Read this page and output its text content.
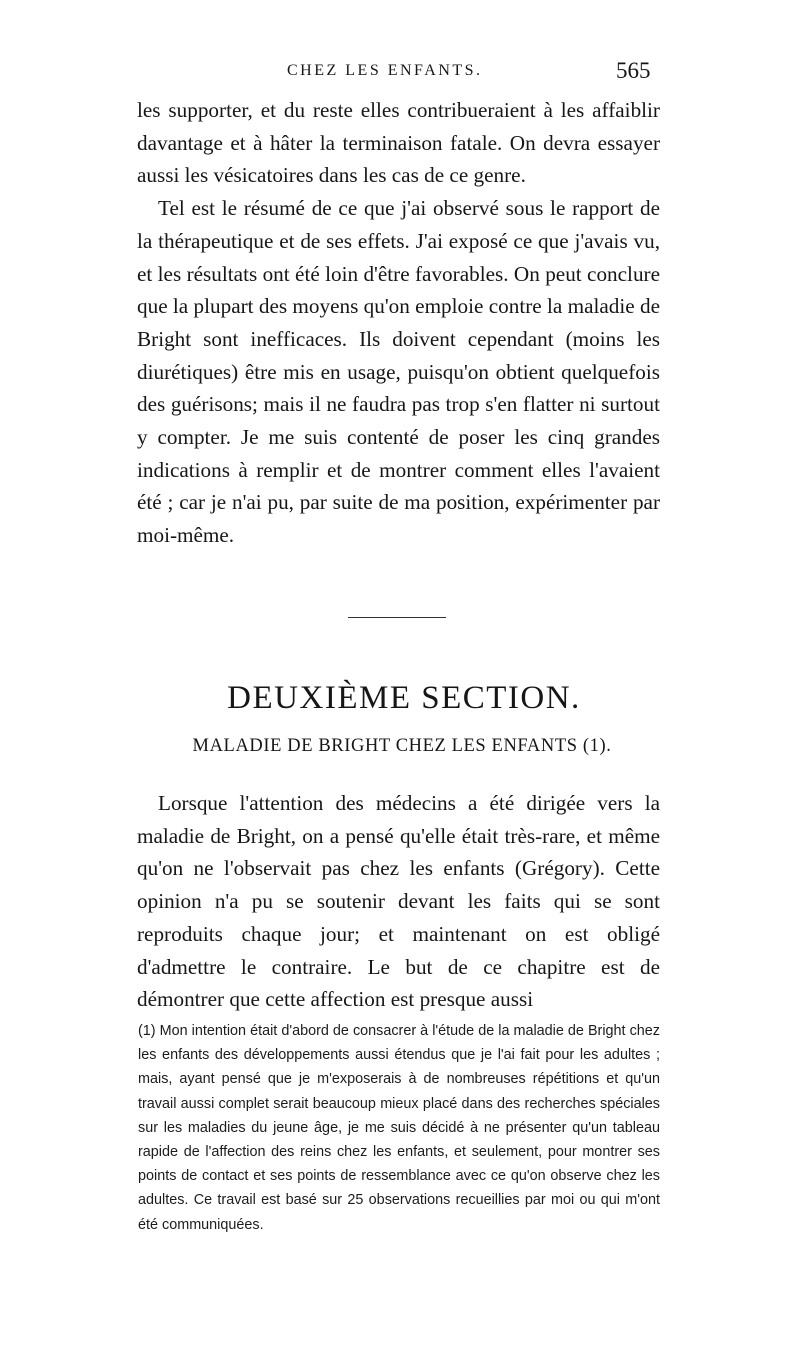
CHEZ LES ENFANTS.	565

les supporter, et du reste elles contribueraient à les affaiblir davantage et à hâter la terminaison fatale. On devra essayer aussi les vésicatoires dans les cas de ce genre.

Tel est le résumé de ce que j'ai observé sous le rapport de la thérapeutique et de ses effets. J'ai exposé ce que j'avais vu, et les résultats ont été loin d'être favorables. On peut conclure que la plupart des moyens qu'on emploie contre la maladie de Bright sont inefficaces. Ils doivent cependant (moins les diurétiques) être mis en usage, puisqu'on obtient quelquefois des guérisons; mais il ne faudra pas trop s'en flatter ni surtout y compter. Je me suis contenté de poser les cinq grandes indications à remplir et de montrer comment elles l'avaient été ; car je n'ai pu, par suite de ma position, expérimenter par moi-même.

DEUXIÈME SECTION.
MALADIE DE BRIGHT CHEZ LES ENFANTS (1).

Lorsque l'attention des médecins a été dirigée vers la maladie de Bright, on a pensé qu'elle était très-rare, et même qu'on ne l'observait pas chez les enfants (Grégory). Cette opinion n'a pu se soutenir devant les faits qui se sont reproduits chaque jour; et maintenant on est obligé d'admettre le contraire. Le but de ce chapitre est de démontrer que cette affection est presque aussi

(1) Mon intention était d'abord de consacrer à l'étude de la maladie de Bright chez les enfants des développements aussi étendus que je l'ai fait pour les adultes ; mais, ayant pensé que je m'exposerais à de nombreuses répétitions et qu'un travail aussi complet serait beaucoup mieux placé dans des recherches spéciales sur les maladies du jeune âge, je me suis décidé à ne présenter qu'un tableau rapide de l'affection des reins chez les enfants, et seulement, pour montrer ses points de contact et ses points de ressemblance avec ce qu'on observe chez les adultes. Ce travail est basé sur 25 observations recueillies par moi ou qui m'ont été communiquées.
